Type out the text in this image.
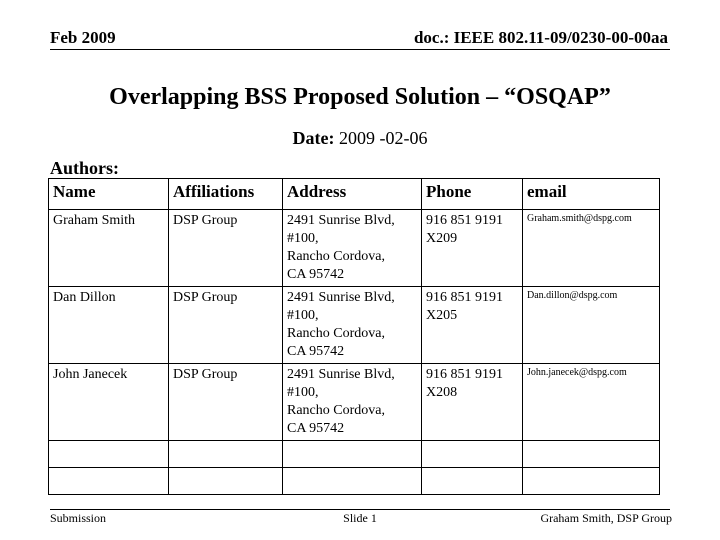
Feb 2009	doc.: IEEE 802.11-09/0230-00-00aa
Overlapping BSS Proposed Solution – “OSQAP”
Date: 2009 -02-06
Authors:
Name	Affiliations	Address	Phone	email
Graham Smith	DSP Group	2491 Sunrise Blvd,
#100,
Rancho Cordova,
CA 95742	916 851 9191
X209	Graham.smith@dspg.com
Dan Dillon	DSP Group	2491 Sunrise Blvd,
#100,
Rancho Cordova,
CA 95742	916 851 9191
X205	Dan.dillon@dspg.com
John Janecek	DSP Group	2491 Sunrise Blvd,
#100,
Rancho Cordova,
CA 95742	916 851 9191
X208	John.janecek@dspg.com

Submission	Slide 1	Graham Smith, DSP Group
